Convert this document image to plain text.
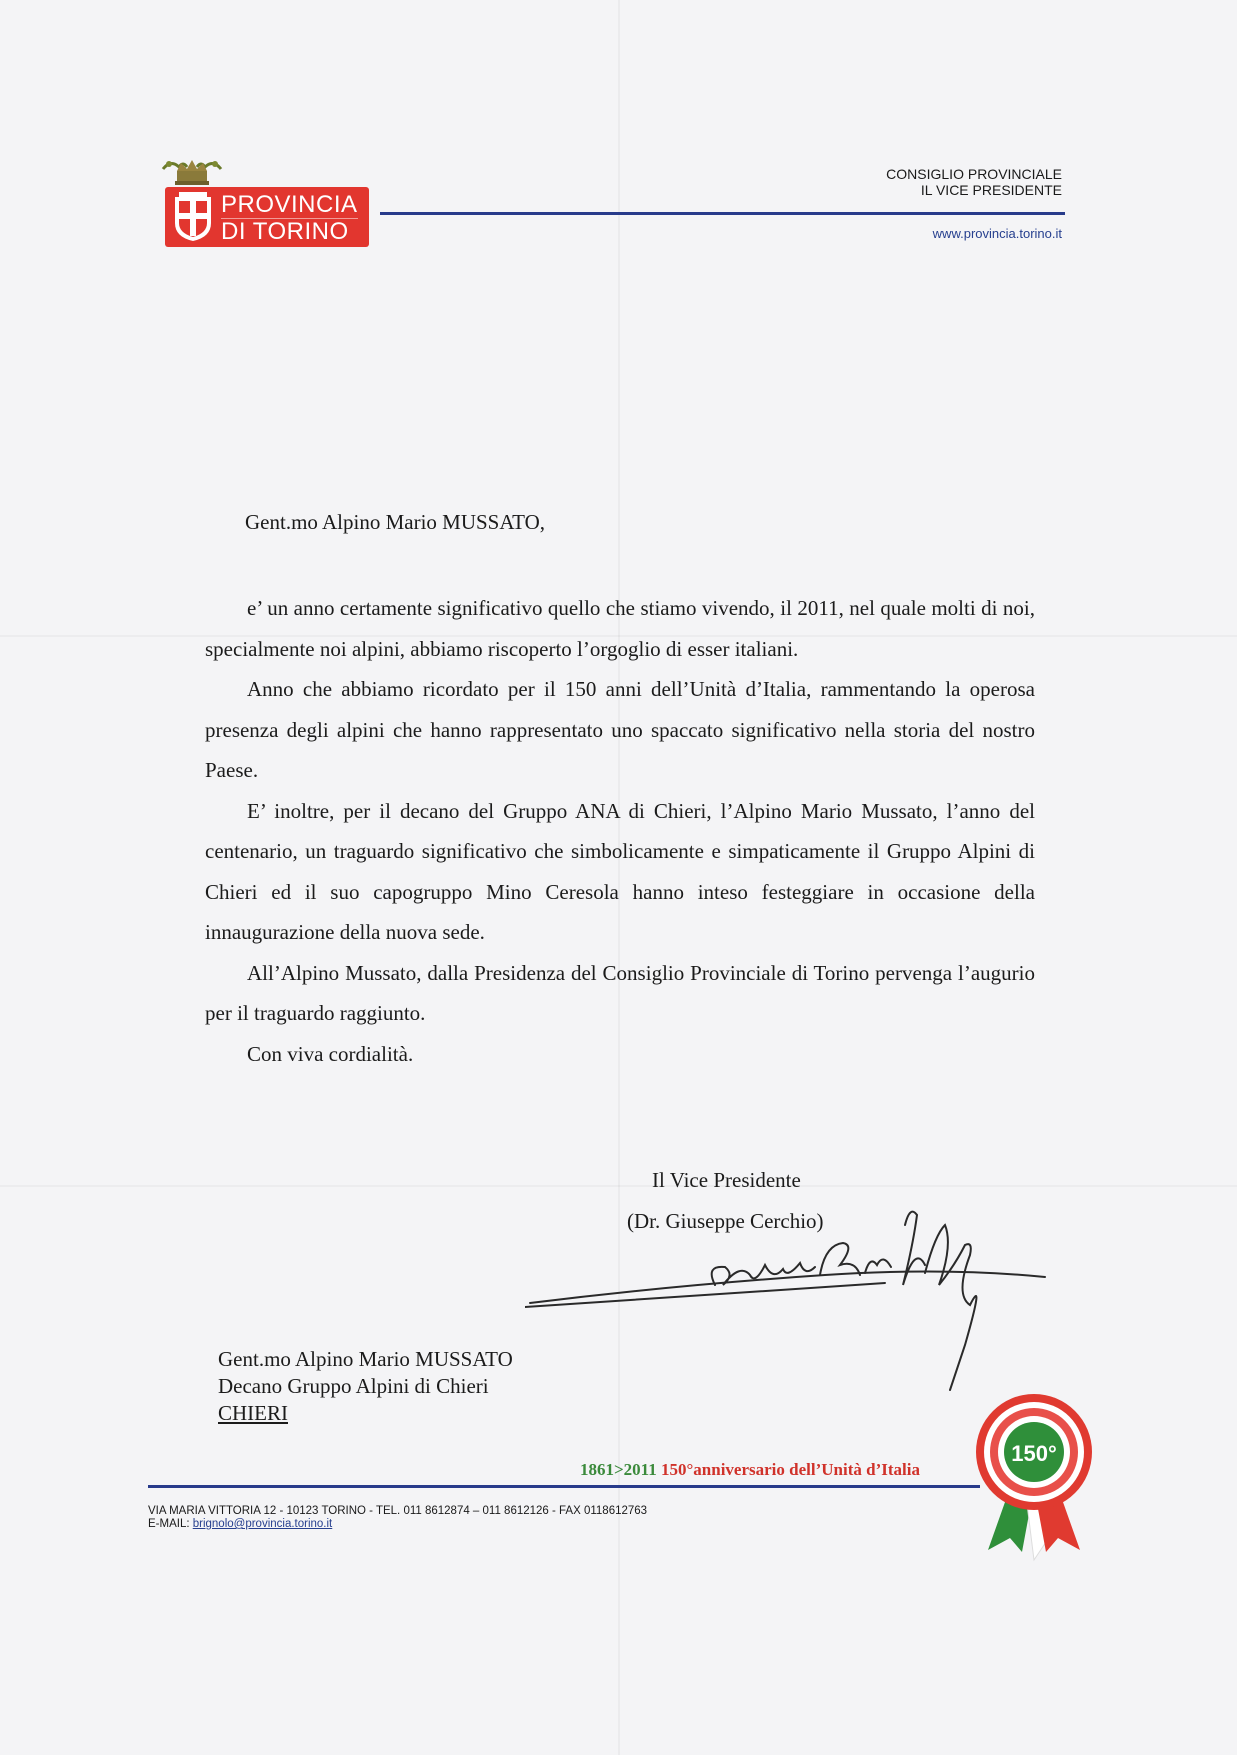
PROVINCIA
DI TORINO
CONSIGLIO PROVINCIALE
IL VICE PRESIDENTE
www.provincia.torino.it
Gent.mo Alpino Mario MUSSATO,

e’ un anno certamente significativo quello che stiamo vivendo, il 2011, nel quale molti di noi, specialmente noi alpini, abbiamo riscoperto l’orgoglio di esser italiani.

Anno che abbiamo ricordato per il 150 anni dell’Unità d’Italia, rammentando la operosa presenza degli alpini che hanno rappresentato uno spaccato significativo nella storia del nostro Paese.

E’ inoltre, per il decano del Gruppo ANA di Chieri, l’Alpino Mario Mussato, l’anno del centenario, un traguardo significativo che simbolicamente e simpaticamente il Gruppo Alpini di Chieri ed il suo capogruppo Mino Ceresola hanno inteso festeggiare in occasione della innaugurazione della nuova sede.

All’Alpino Mussato, dalla Presidenza del Consiglio Provinciale di Torino pervenga l’augurio per il traguardo raggiunto.

Con viva cordialità.

Il Vice Presidente
(Dr. Giuseppe Cerchio)
Gent.mo Alpino Mario MUSSATO
Decano Gruppo Alpini di Chieri
CHIERI
1861>2011 150°anniversario dell’Unità d’Italia
150°
VIA MARIA VITTORIA 12 - 10123 TORINO - TEL. 011 8612874 – 011 8612126 - FAX 0118612763
E-MAIL: brignolo@provincia.torino.it
